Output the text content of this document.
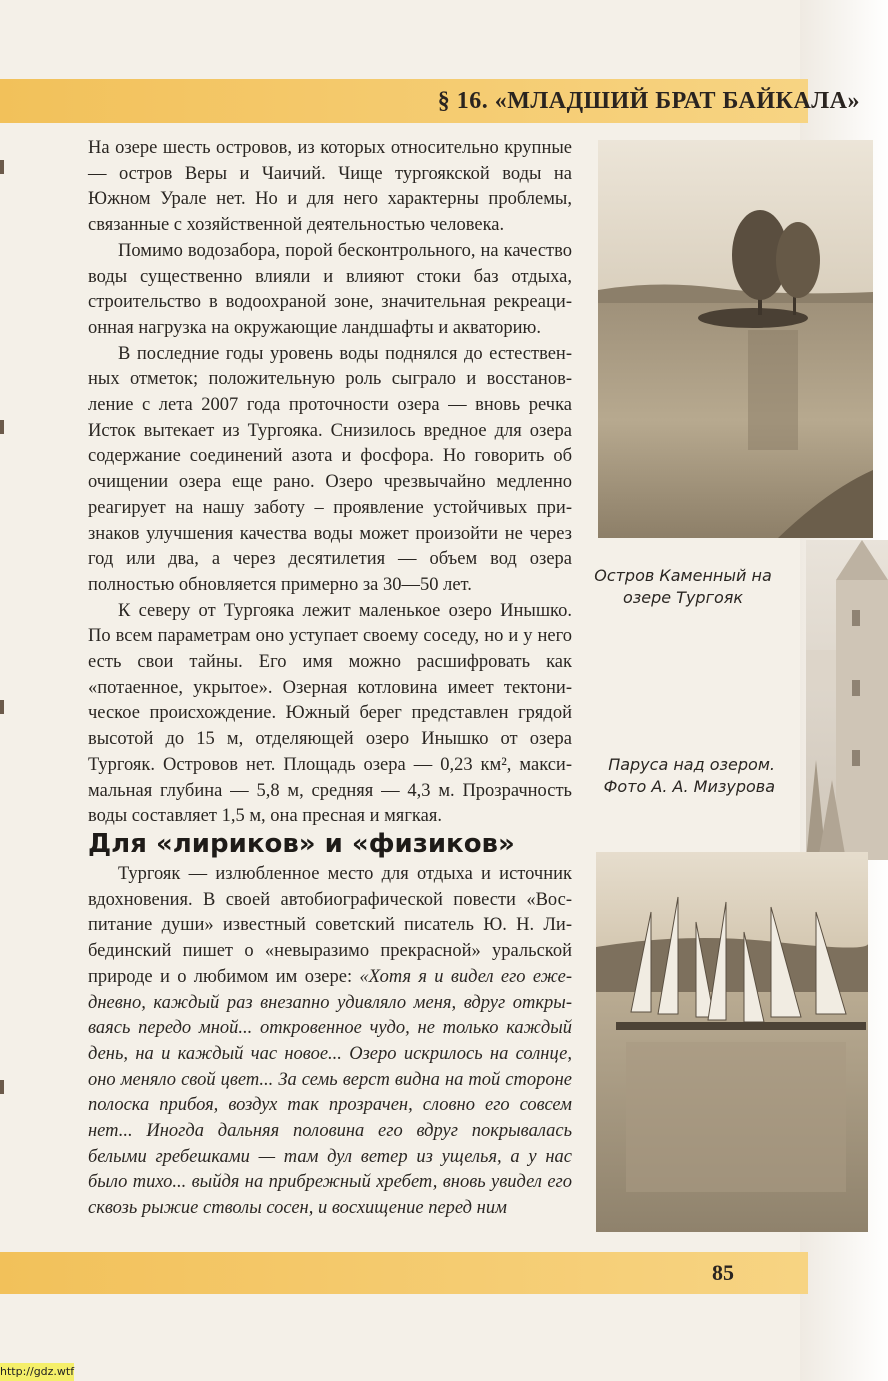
§ 16. «МЛАДШИЙ БРАТ БАЙКАЛА»

На озере шесть островов, из которых относительно крупные — остров Веры и Чаичий. Чище тургоякской воды на Южном Урале нет. Но и для него характерны проблемы, связанные с хозяйственной деятельностью человека.

Помимо водозабора, порой бесконтрольного, на качество воды существенно влияли и влияют стоки баз отдыха, строительство в водоохраной зоне, значительная рекреационная нагрузка на окружающие ландшафты и акваторию.

В последние годы уровень воды поднялся до естественных отметок; положительную роль сыграло и восстановление с лета 2007 года проточности озера — вновь речка Исток вытекает из Тургояка. Снизилось вредное для озера содержание соединений азота и фосфора. Но говорить об очищении озера еще рано. Озеро чрезвычайно медленно реагирует на нашу заботу – проявление устойчивых признаков улучшения качества воды может произойти не через год или два, а через десятилетия — объем вод озера полностью обновляется примерно за 30—50 лет.

К северу от Тургояка лежит маленькое озеро Инышко. По всем параметрам оно уступает своему соседу, но и у него есть свои тайны. Его имя можно расшифровать как «потаенное, укрытое». Озерная котловина имеет тектоническое происхождение. Южный берег представлен грядой высотой до 15 м, отделяющей озеро Инышко от озера Тургояк. Островов нет. Площадь озера — 0,23 км², максимальная глубина — 5,8 м, средняя — 4,3 м. Прозрачность воды составляет 1,5 м, она пресная и мягкая.

Для «лириков» и «физиков»

Тургояк — излюбленное место для отдыха и источник вдохновения. В своей автобиографической повести «Воспитание души» известный советский писатель Ю. Н. Либединский пишет о «невыразимо прекрасной» уральской природе и о любимом им озере: «Хотя я и видел его ежедневно, каждый раз внезапно удивляло меня, вдруг открываясь передо мной... откровенное чудо, не только каждый день, на и каждый час новое... Озеро искрилось на солнце, оно меняло свой цвет... За семь верст видна на той стороне полоска прибоя, воздух так прозрачен, словно его совсем нет... Иногда дальняя половина его вдруг покрывалась белыми гребешками — там дул ветер из ущелья, а у нас было тихо... выйдя на прибрежный хребет, вновь увидел его сквозь рыжие стволы сосен, и восхищение перед ним

Остров Каменный на озере Тургояк
Паруса над озером. Фото А. А. Мизурова
85
http://gdz.wtf
